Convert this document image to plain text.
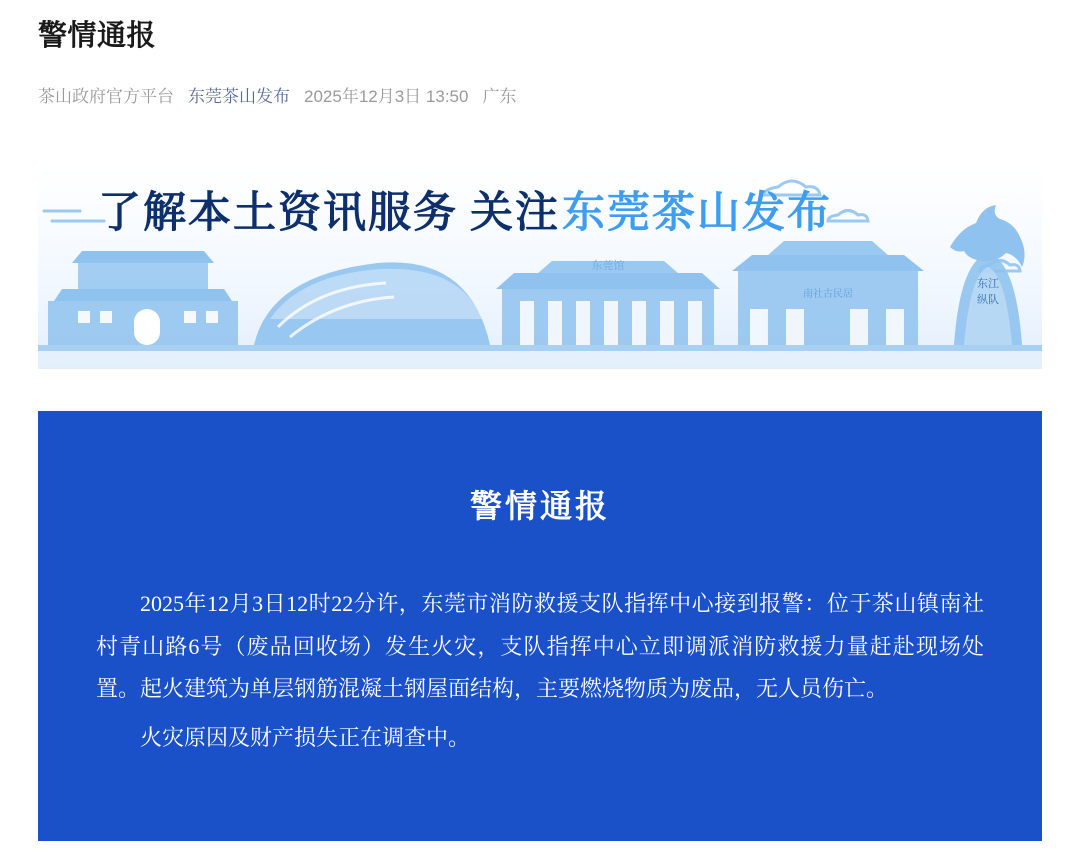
警情通报
茶山政府官方平台 东莞茶山发布 2025年12月3日 13:50 广东
了解本土资讯服务 关注 东莞茶山发布
东莞馆
南社古民居
东江
纵队
警情通报

2025年12月3日12时22分许，东莞市消防救援支队指挥中心接到报警：位于茶山镇南社村青山路6号（废品回收场）发生火灾，支队指挥中心立即调派消防救援力量赶赴现场处置。起火建筑为单层钢筋混凝土钢屋面结构，主要燃烧物质为废品，无人员伤亡。

火灾原因及财产损失正在调查中。
